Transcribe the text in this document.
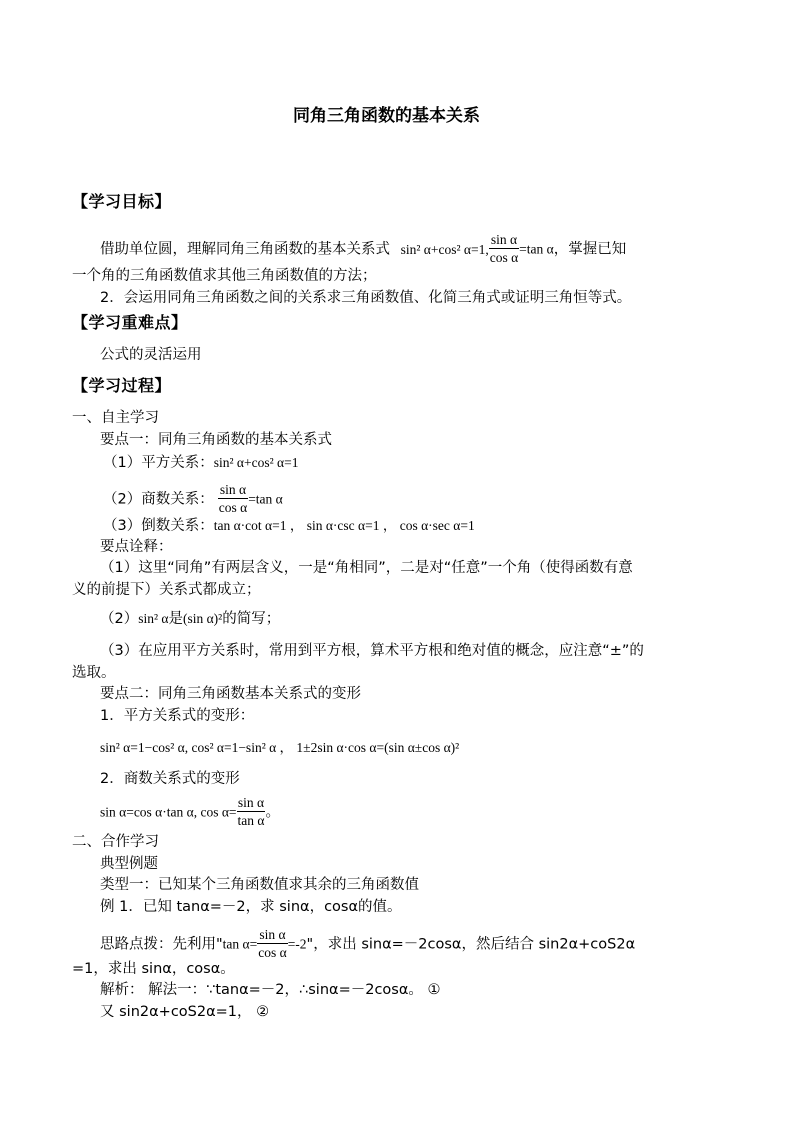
同角三角函数的基本关系
【学习目标】
借助单位圆，理解同角三角函数的基本关系式 sin² α+cos² α=1, $\frac{\text{sin α}}{\text{cos α}} =\tan$ α，掌握已知
一个角的三角函数值求其他三角函数值的方法；
2．会运用同角三角函数之间的关系求三角函数值、化简三角式或证明三角恒等式。
【学习重难点】
公式的灵活运用
【学习过程】
一、自主学习
要点一：同角三角函数的基本关系式
（1）平方关系：sin² α+cos² α=1
（2）商数关系： $\frac{\text{sin α}}{\text{cos α}} =\tan$ α
（3）倒数关系：tan α·cot α=1 ， sin α·csc α=1 ， cos α·sec α=1
要点诠释：
（1）这里“同角”有两层含义，一是“角相同”，二是对“任意”一个角（使得函数有意
义的前提下）关系式都成立；
（2）sin² α是(sin α)²的简写；
（3）在应用平方关系时，常用到平方根，算术平方根和绝对值的概念，应注意“±”的
选取。
要点二：同角三角函数基本关系式的变形
1．平方关系式的变形：
sin² α=1−cos² α, cos² α=1−sin² α ， 1±2sin α·cos α=(sin α±cos α)²
2．商数关系式的变形
sin α=cos α·tan α, $\cos \alpha= \frac{\text{sin α}}{\text{tan α}}$ 。
二、合作学习
典型例题
类型一：已知某个三角函数值求其余的三角函数值
例 1．已知 tanα=－2，求 sinα，cosα的值。
思路点拨：先利用"tan $\alpha= \frac{\text{sin α}}{\text{cos α}} =-2$"，求出 sinα=－2cosα，然后结合 sin2α+coS2α
=1，求出 sinα，cosα。
解析： 解法一：∵tanα=－2，∴sinα=－2cosα。 ①
又 sin2α+coS2α=1， ②
